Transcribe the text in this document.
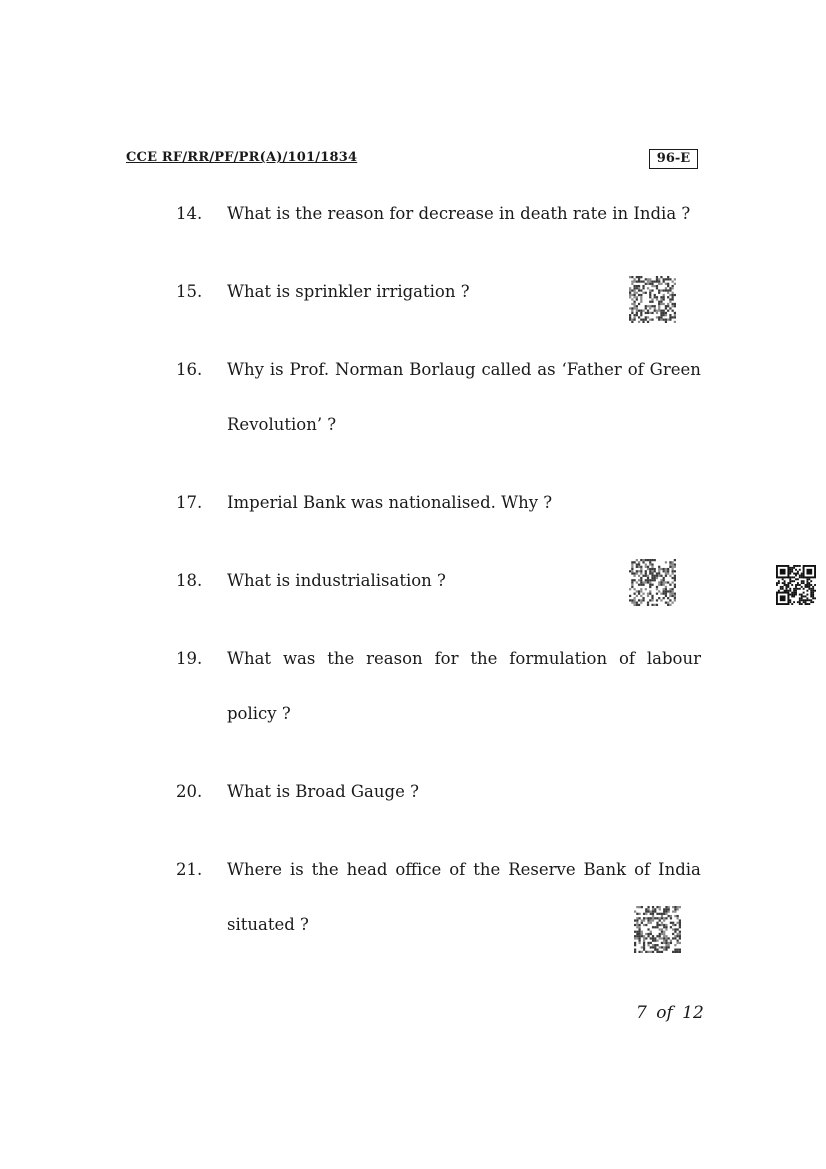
CCE RF/RR/PF/PR(A)/101/1834	96-E
14.	What is the reason for decrease in death rate in India ?
15.	What is sprinkler irrigation ?
16.	Why is Prof. Norman Borlaug called as ‘Father of Green
Revolution’ ?
17.	Imperial Bank was nationalised. Why ?
18.	What is industrialisation ?
19.	What was the reason for the formulation of labour
policy ?
20.	What is Broad Gauge ?
21.	Where is the head office of the Reserve Bank of India
situated ?
7 of 12
